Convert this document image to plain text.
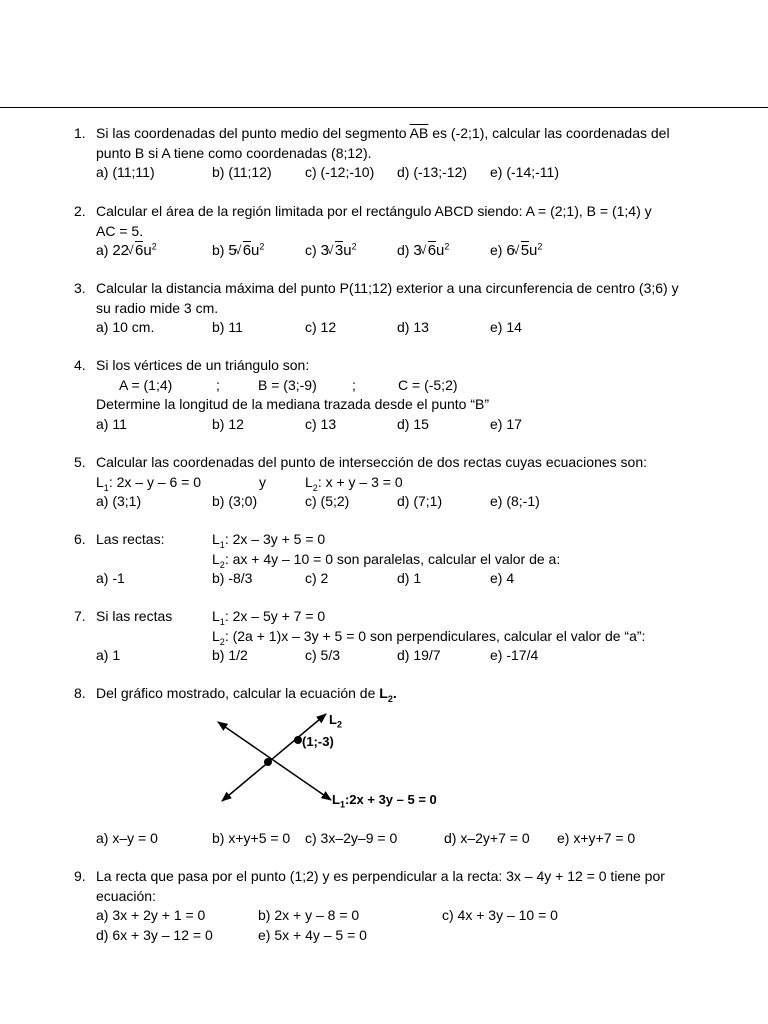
1. Si las coordenadas del punto medio del segmento $\overline{AB}$ es (-2;1), calcular las coordenadas del
punto B si A tiene como coordenadas (8;12).
a) (11;11)	b) (11;12) c) (-12;-10) d) (-13;-12) e) (-14;-11)
2. Calcular el área de la región limitada por el rectángulo ABCD siendo: A = (2;1), B = (1;4) y
AC = 5.
a) 22 √ $6u^2$	b) 5 √ $6u^2$	c) 3 √ $3u^2$	d) 3 √ $6u^2$	e) 6 √ $5u^2$
3. Calcular la distancia máxima del punto P(11;12) exterior a una circunferencia de centro (3;6) y
su radio mide 3 cm.
a) 10 cm.	b) 11	c) 12	d) 13	e) 14
4. Si los vértices de un triángulo son:
A = (1;4)	;	B = (3;-9)	;	C = (-5;2)
Determine la longitud de la mediana trazada desde el punto “B”
a) 11	b) 12	c) 13	d) 15	e) 17
5. Calcular las coordenadas del punto de intersección de dos rectas cuyas ecuaciones son:
$L_1$: 2x – y – 6 = 0	y	$L_2$: x + y – 3 = 0
a) (3;1)	b) (3;0)	c) (5;2)	d) (7;1)	e) (8;-1)
6. Las rectas:	$L_1$: 2x – 3y + 5 = 0
$L_2$: ax + 4y – 10 = 0 son paralelas, calcular el valor de a:
a) -1	b) -8/3	c) 2	d) 1	e) 4
7. Si las rectas	$L_1$: 2x – 5y + 7 = 0
$L_2$: (2a + 1)x – 3y + 5 = 0 son perpendiculares, calcular el valor de “a”:
a) 1	b) 1/2	c) 5/3	d) 19/7	e) -17/4
8. Del gráfico mostrado, calcular la ecuación de $L_2$.
$L_2$
(1;-3)
$L_1:2x + 3y - 5 = 0$
a) x–y = 0	b) x+y+5 = 0 c) 3x–2y–9 = 0	d) x–2y+7 = 0 e) x+y+7 = 0
9. La recta que pasa por el punto (1;2) y es perpendicular a la recta: 3x – 4y + 12 = 0 tiene por
ecuación:
a) 3x + 2y + 1 = 0	b) 2x + y – 8 = 0	c) 4x + 3y – 10 = 0
d) 6x + 3y – 12 = 0	e) 5x + 4y – 5 = 0
